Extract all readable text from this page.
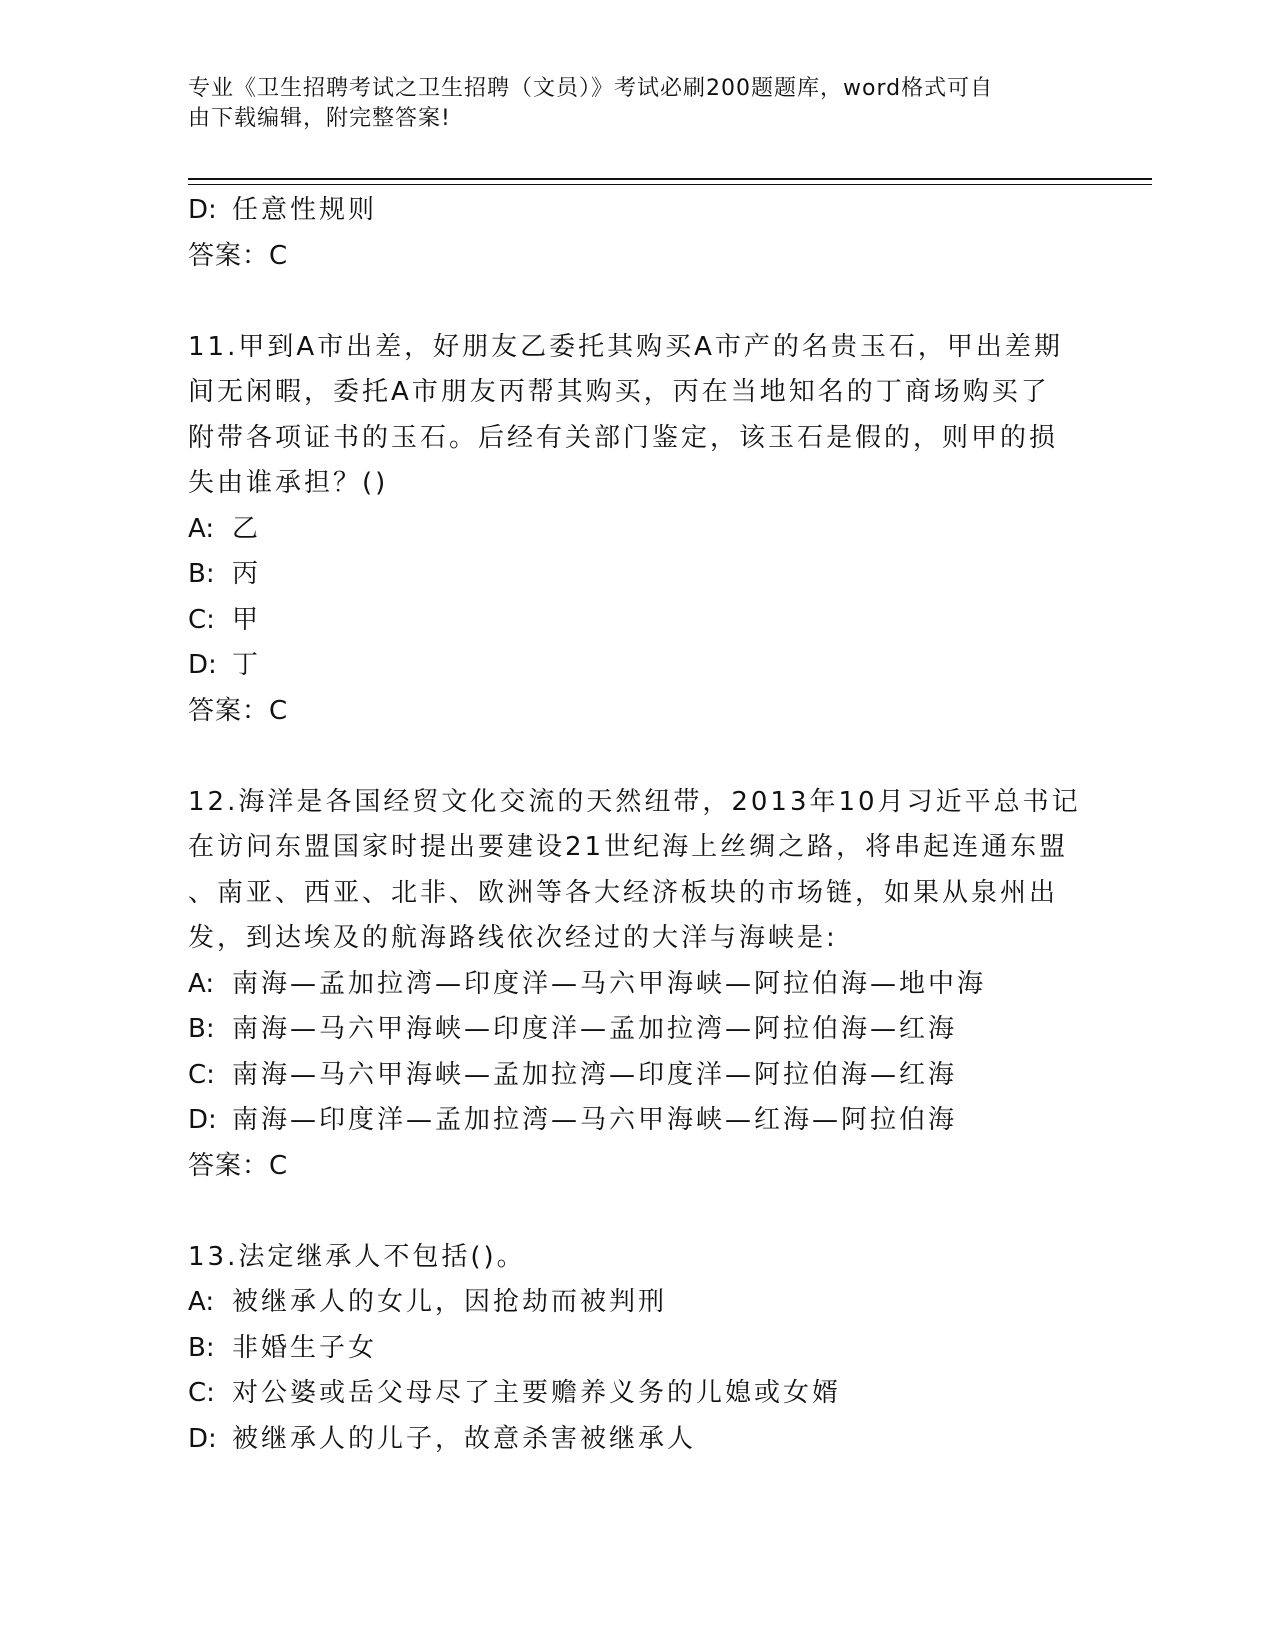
专业《卫生招聘考试之卫生招聘（文员）》考试必刷200题题库，word格式可自
由下载编辑，附完整答案!
D: 任意性规则
答案：C
11.甲到A市出差，好朋友乙委托其购买A市产的名贵玉石，甲出差期
间无闲暇，委托A市朋友丙帮其购买，丙在当地知名的丁商场购买了
附带各项证书的玉石。后经有关部门鉴定，该玉石是假的，则甲的损
失由谁承担？()
A: 乙
B: 丙
C: 甲
D: 丁
答案：C
12.海洋是各国经贸文化交流的天然纽带，2013年10月习近平总书记
在访问东盟国家时提出要建设21世纪海上丝绸之路，将串起连通东盟
、南亚、西亚、北非、欧洲等各大经济板块的市场链，如果从泉州出
发，到达埃及的航海路线依次经过的大洋与海峡是:
A: 南海—孟加拉湾—印度洋—马六甲海峡—阿拉伯海—地中海
B: 南海—马六甲海峡—印度洋—孟加拉湾—阿拉伯海—红海
C: 南海—马六甲海峡—孟加拉湾—印度洋—阿拉伯海—红海
D: 南海—印度洋—孟加拉湾—马六甲海峡—红海—阿拉伯海
答案：C
13.法定继承人不包括()。
A: 被继承人的女儿，因抢劫而被判刑
B: 非婚生子女
C: 对公婆或岳父母尽了主要赡养义务的儿媳或女婿
D: 被继承人的儿子，故意杀害被继承人
